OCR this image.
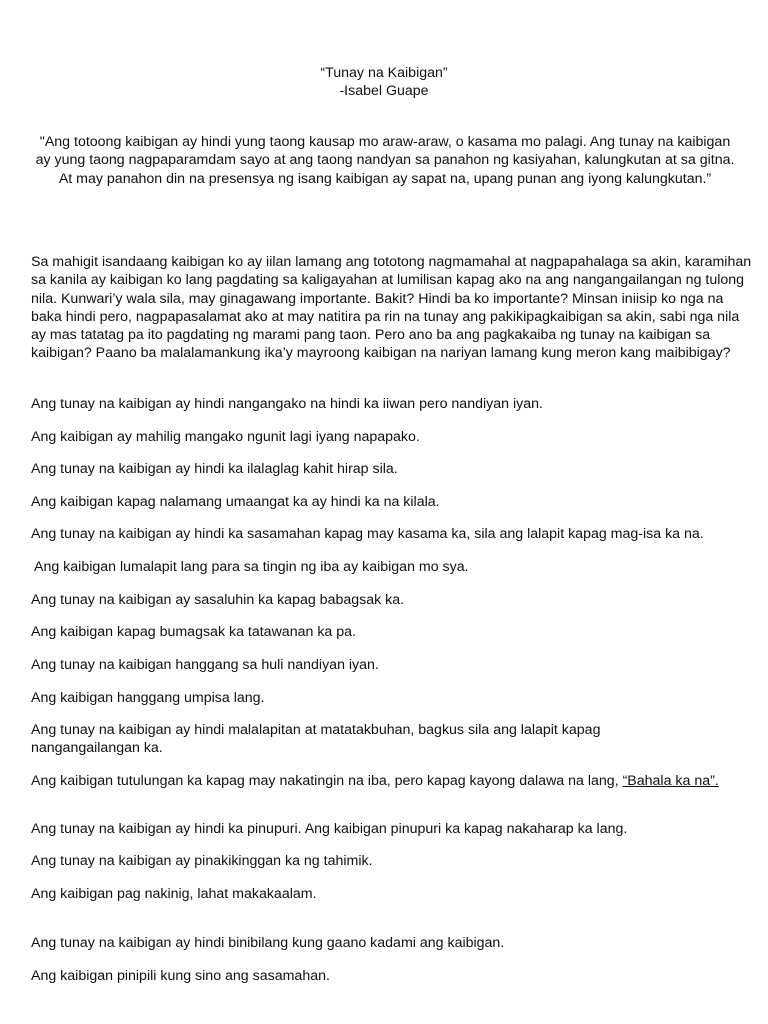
“Tunay na Kaibigan”
-Isabel Guape
"Ang totoong kaibigan ay hindi yung taong kausap mo araw-araw, o kasama mo palagi. Ang tunay na kaibigan ay yung taong nagpaparamdam sayo at ang taong nandyan sa panahon ng kasiyahan, kalungkutan at sa gitna. At may panahon din na presensya ng isang kaibigan ay sapat na, upang punan ang iyong kalungkutan.”
Sa mahigit isandaang kaibigan ko ay iilan lamang ang tototong nagmamahal at nagpapahalaga sa akin, karamihan sa kanila ay kaibigan ko lang pagdating sa kaligayahan at lumilisan kapag ako na ang nangangailangan ng tulong nila. Kunwari’y wala sila, may ginagawang importante. Bakit? Hindi ba ko importante? Minsan iniisip ko nga na baka hindi pero, nagpapasalamat ako at may natitira pa rin na tunay ang pakikipagkaibigan sa akin, sabi nga nila ay mas tatatag pa ito pagdating ng marami pang taon. Pero ano ba ang pagkakaiba ng tunay na kaibigan sa kaibigan? Paano ba malalamankung ika’y mayroong kaibigan na nariyan lamang kung meron kang maibibigay?
Ang tunay na kaibigan ay hindi nangangako na hindi ka iiwan pero nandiyan iyan.
Ang kaibigan ay mahilig mangako ngunit lagi iyang napapako.
Ang tunay na kaibigan ay hindi ka ilalaglag kahit hirap sila.
Ang kaibigan kapag nalamang umaangat ka ay hindi ka na kilala.
Ang tunay na kaibigan ay hindi ka sasamahan kapag may kasama ka, sila ang lalapit kapag mag-isa ka na.
Ang kaibigan lumalapit lang para sa tingin ng iba ay kaibigan mo sya.
Ang tunay na kaibigan ay sasaluhin ka kapag babagsak ka.
Ang kaibigan kapag bumagsak ka tatawanan ka pa.
Ang tunay na kaibigan hanggang sa huli nandiyan iyan.
Ang kaibigan hanggang umpisa lang.
Ang tunay na kaibigan ay hindi malalapitan at matatakbuhan, bagkus sila ang lalapit kapag nangangailangan ka.
Ang kaibigan tutulungan ka kapag may nakatingin na iba, pero kapag kayong dalawa na lang, “Bahala ka na”.
Ang tunay na kaibigan ay hindi ka pinupuri. Ang kaibigan pinupuri ka kapag nakaharap ka lang.
Ang tunay na kaibigan ay pinakikinggan ka ng tahimik.
Ang kaibigan pag nakinig, lahat makakaalam.
Ang tunay na kaibigan ay hindi binibilang kung gaano kadami ang kaibigan.
Ang kaibigan pinipili kung sino ang sasamahan.
